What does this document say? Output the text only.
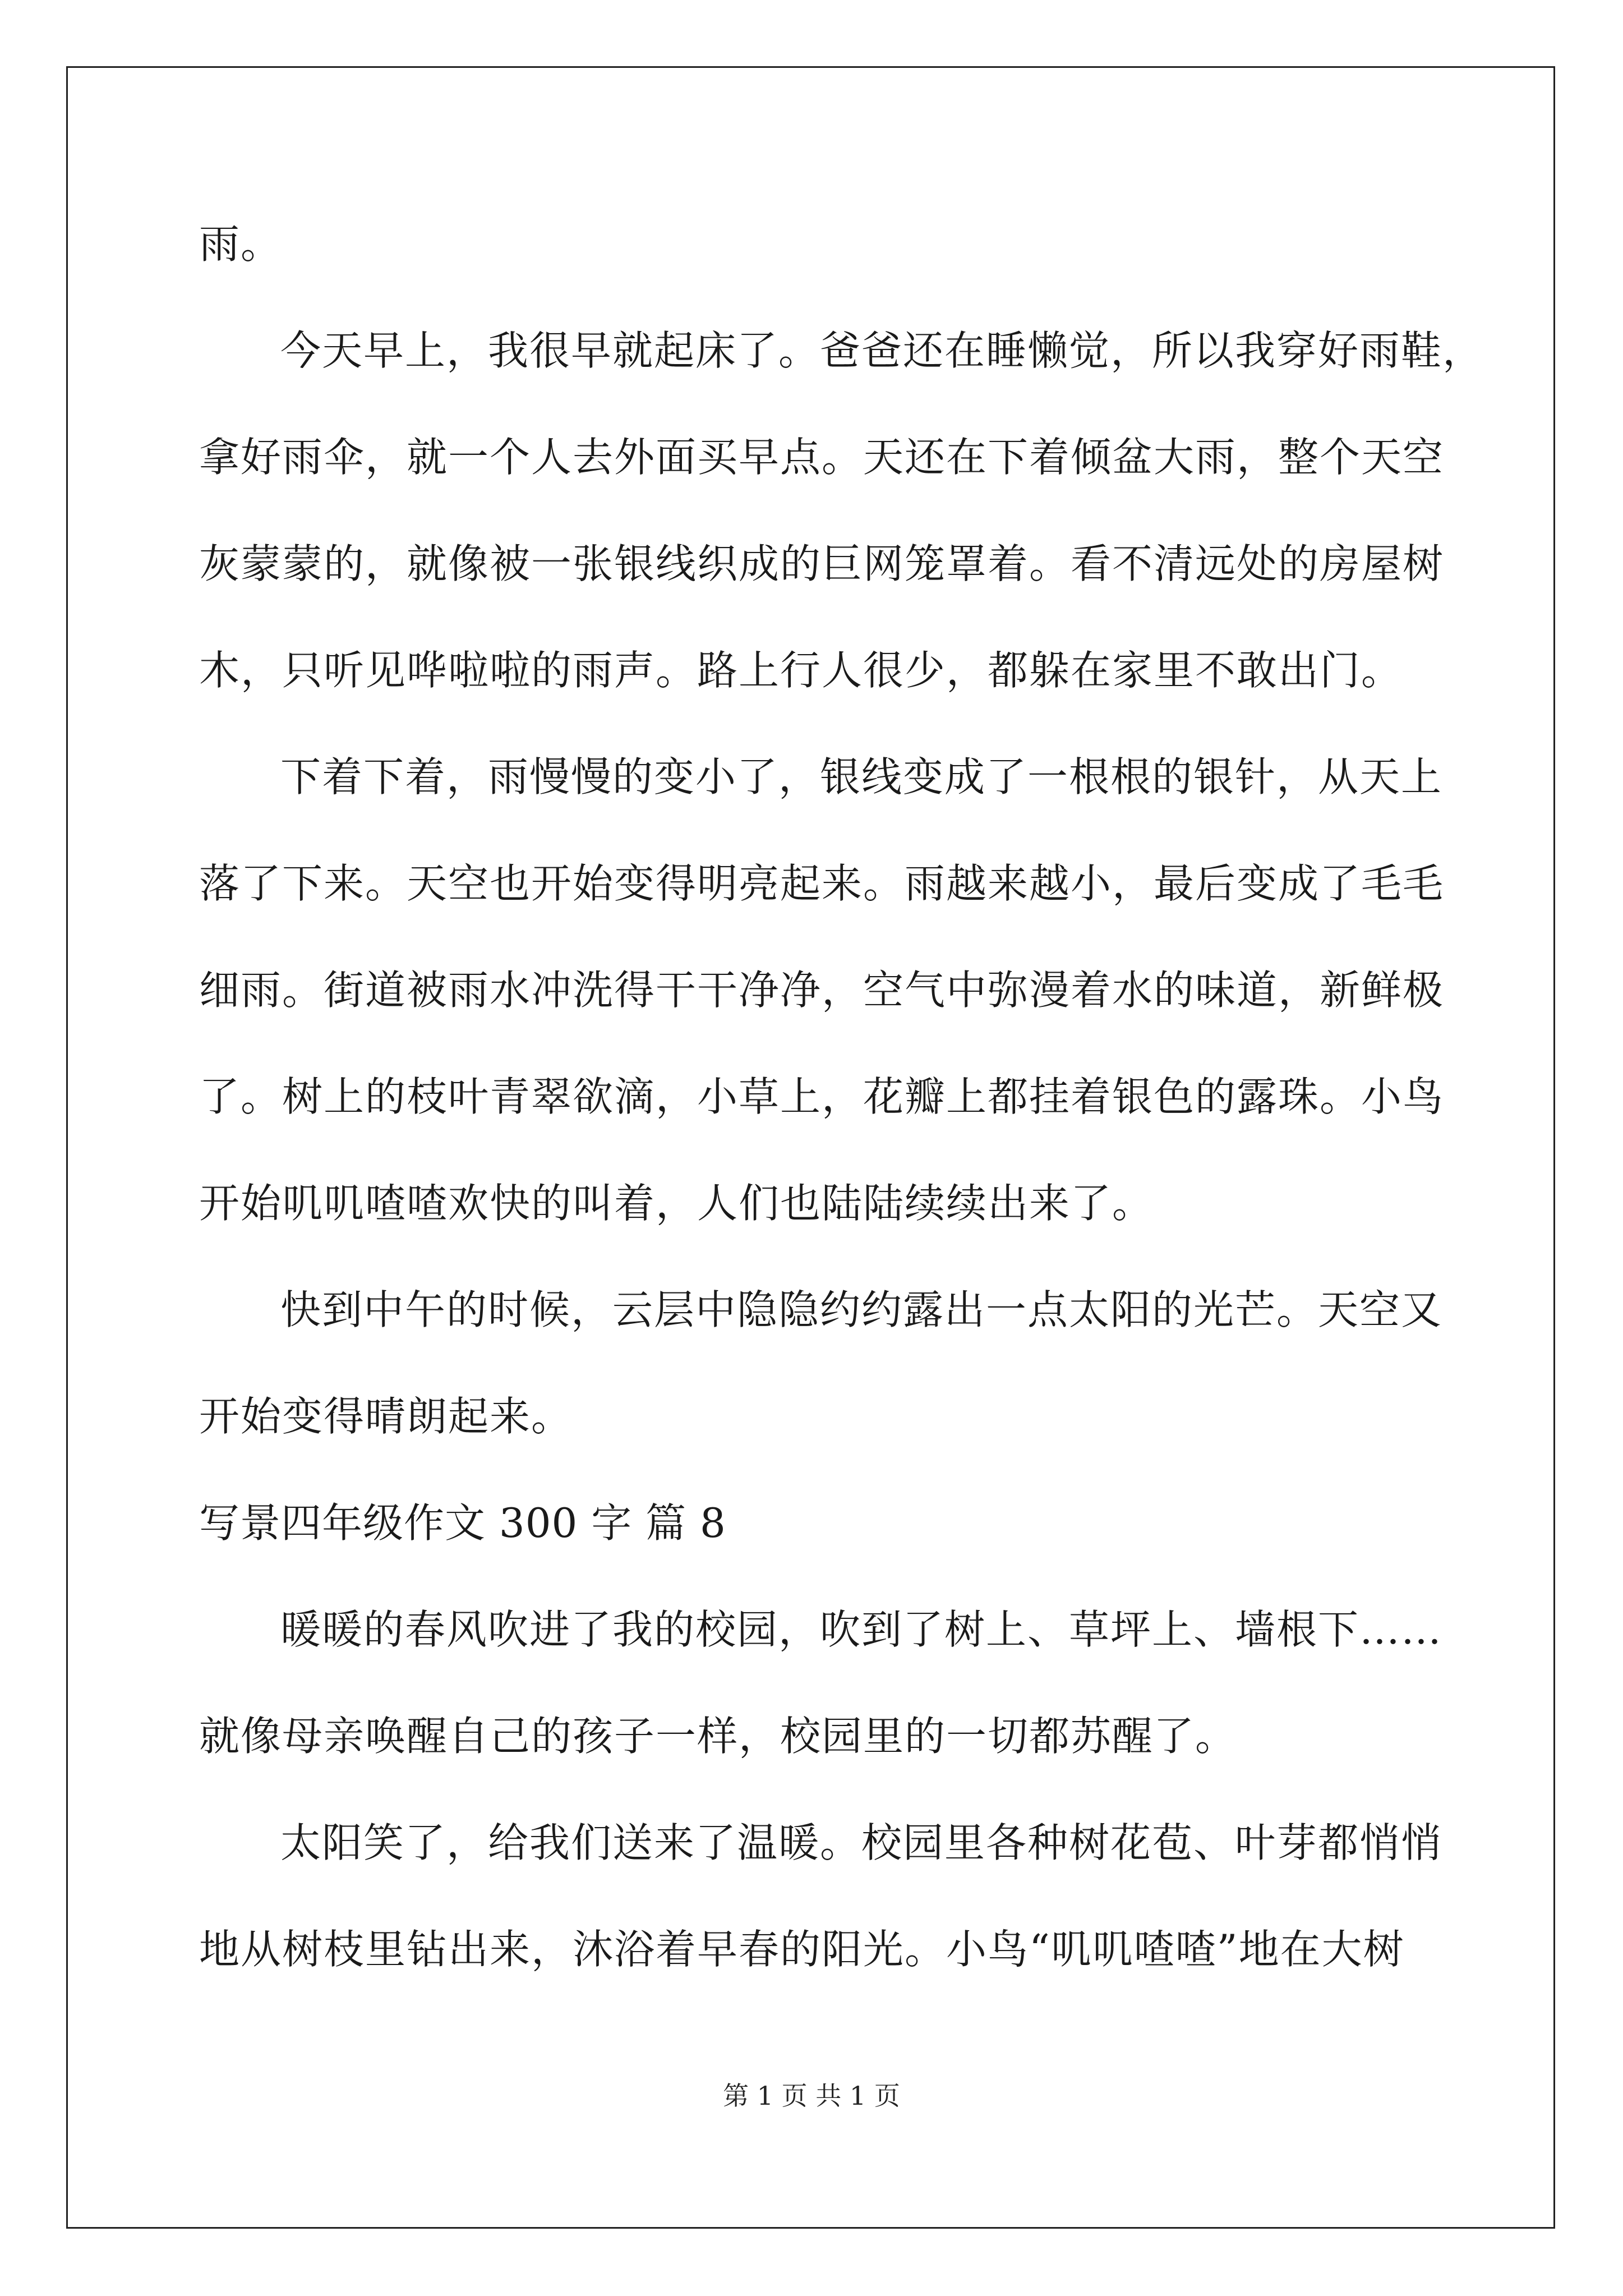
雨。
今天早上，我很早就起床了。爸爸还在睡懒觉，所以我穿好雨鞋，
拿好雨伞，就一个人去外面买早点。天还在下着倾盆大雨，整个天空
灰蒙蒙的，就像被一张银线织成的巨网笼罩着。看不清远处的房屋树
木，只听见哗啦啦的雨声。路上行人很少，都躲在家里不敢出门。
下着下着，雨慢慢的变小了，银线变成了一根根的银针，从天上
落了下来。天空也开始变得明亮起来。雨越来越小，最后变成了毛毛
细雨。街道被雨水冲洗得干干净净，空气中弥漫着水的味道，新鲜极
了。树上的枝叶青翠欲滴，小草上，花瓣上都挂着银色的露珠。小鸟
开始叽叽喳喳欢快的叫着，人们也陆陆续续出来了。
快到中午的时候，云层中隐隐约约露出一点太阳的光芒。天空又
开始变得晴朗起来。
写景四年级作文 300 字 篇 8
暖暖的春风吹进了我的校园，吹到了树上、草坪上、墙根下……
就像母亲唤醒自己的孩子一样，校园里的一切都苏醒了。
太阳笑了，给我们送来了温暖。校园里各种树花苞、叶芽都悄悄
地从树枝里钻出来，沐浴着早春的阳光。小鸟“叽叽喳喳”地在大树
第 1 页 共 1 页
